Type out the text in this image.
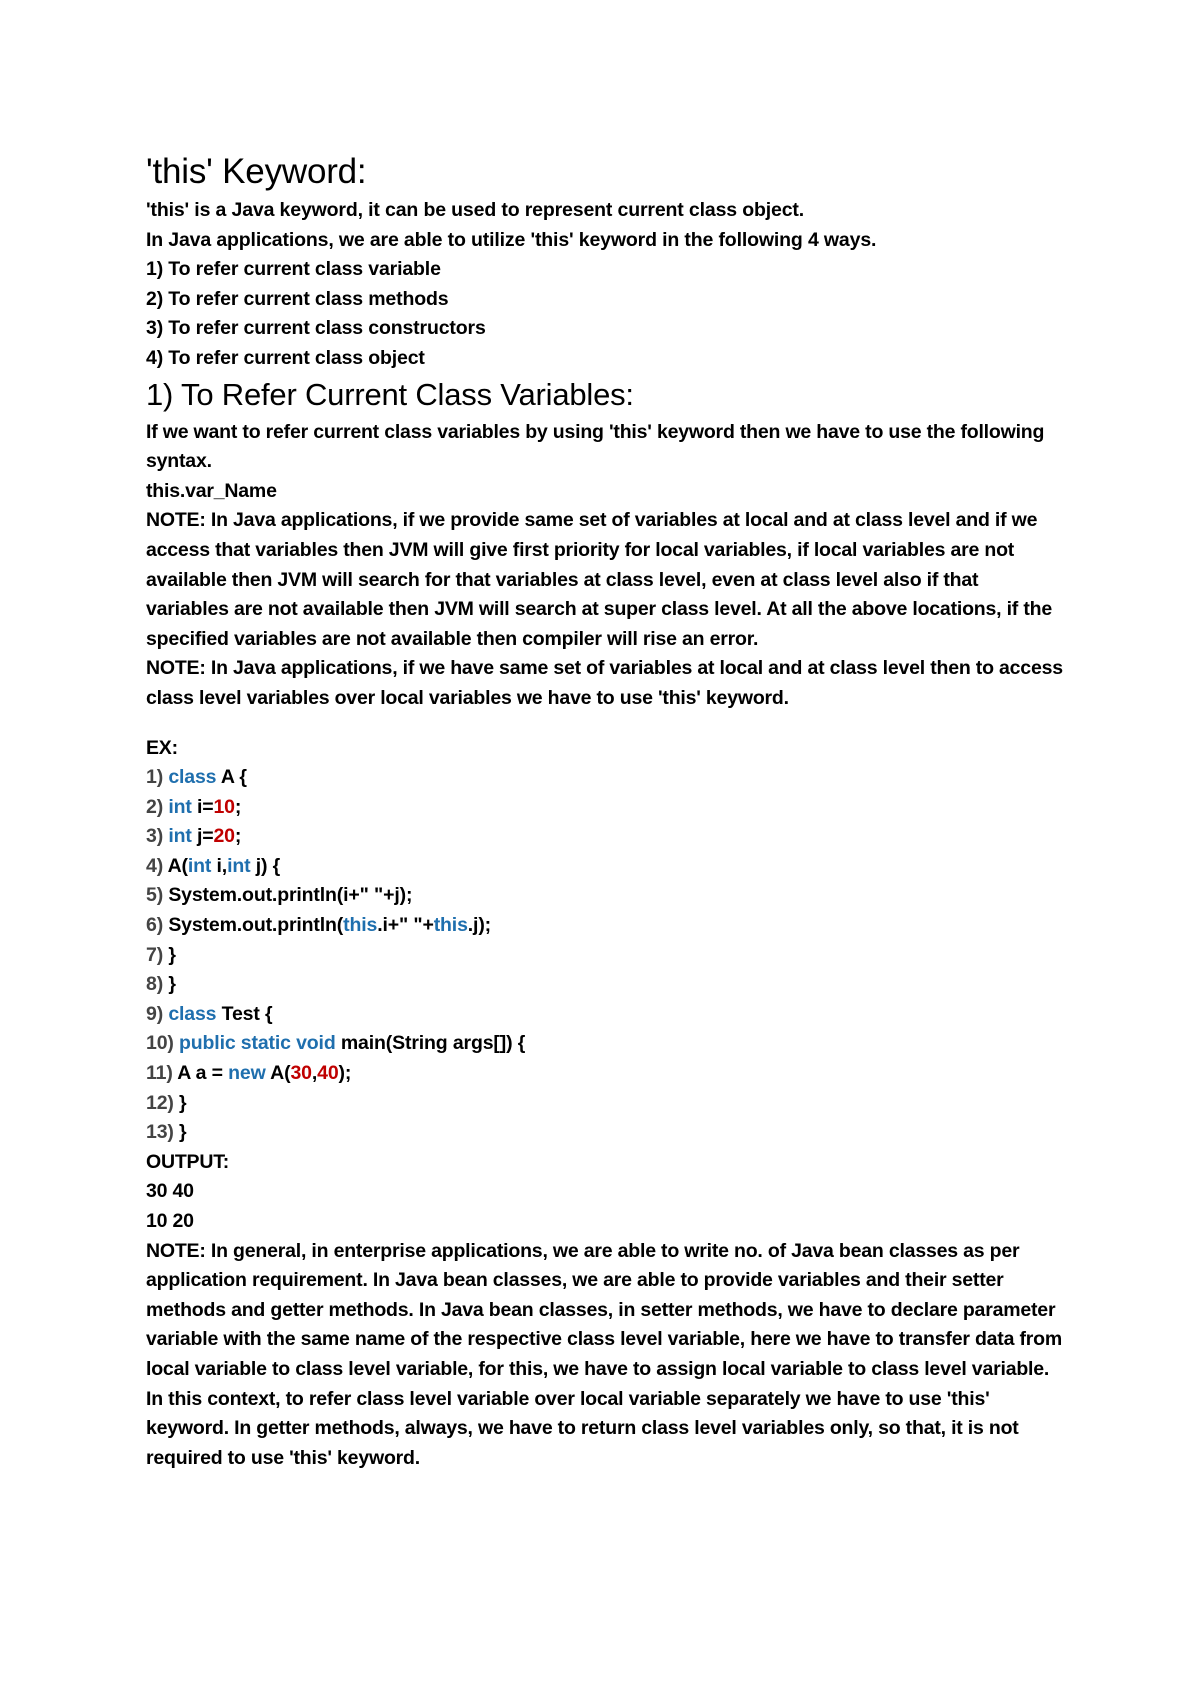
'this' Keyword:
'this' is a Java keyword, it can be used to represent current class object.
In Java applications, we are able to utilize 'this' keyword in the following 4 ways.
1) To refer current class variable
2) To refer current class methods
3) To refer current class constructors
4) To refer current class object
1) To Refer Current Class Variables:
If we want to refer current class variables by using 'this' keyword then we have to use the following syntax.
this.var_Name
NOTE: In Java applications, if we provide same set of variables at local and at class level and if we access that variables then JVM will give first priority for local variables, if local variables are not available then JVM will search for that variables at class level, even at class level also if that variables are not available then JVM will search at super class level. At all the above locations, if the specified variables are not available then compiler will rise an error.
NOTE: In Java applications, if we have same set of variables at local and at class level then to access class level variables over local variables we have to use 'this' keyword.
EX:
1) class A {
2) int i=10;
3) int j=20;
4) A(int i,int j) {
5) System.out.println(i+" "+j);
6) System.out.println(this.i+" "+this.j);
7) }
8) }
9) class Test {
10) public static void main(String args[]) {
11) A a = new A(30,40);
12) }
13) }
OUTPUT:
30 40
10 20
NOTE: In general, in enterprise applications, we are able to write no. of Java bean classes as per application requirement. In Java bean classes, we are able to provide variables and their setter methods and getter methods. In Java bean classes, in setter methods, we have to declare parameter variable with the same name of the respective class level variable, here we have to transfer data from local variable to class level variable, for this, we have to assign local variable to class level variable. In this context, to refer class level variable over local variable separately we have to use 'this' keyword. In getter methods, always, we have to return class level variables only, so that, it is not required to use 'this' keyword.
